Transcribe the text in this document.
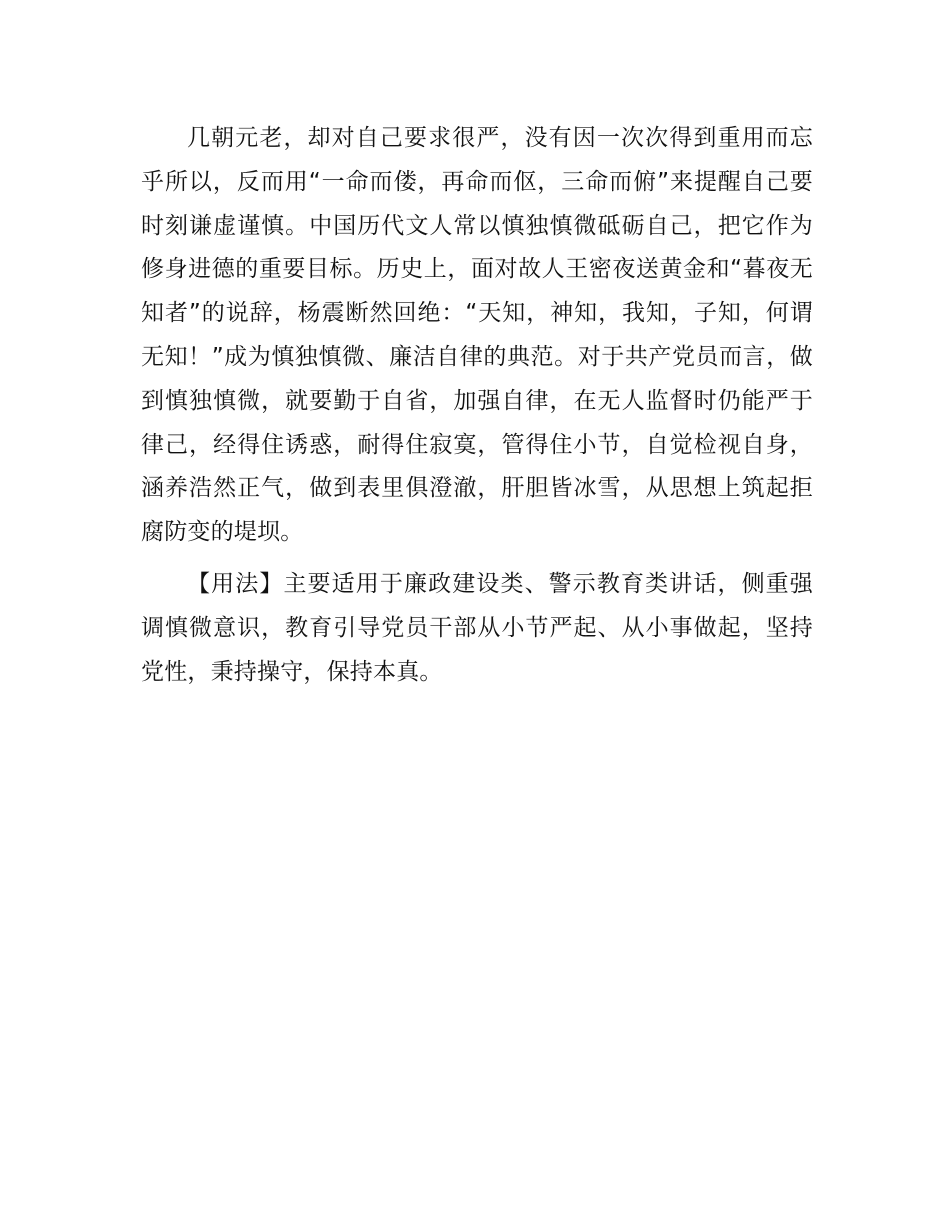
几朝元老，却对自己要求很严，没有因一次次得到重用而忘乎所以，反而用“一命而偻，再命而伛，三命而俯”来提醒自己要时刻谦虚谨慎。中国历代文人常以慎独慎微砥砺自己，把它作为修身进德的重要目标。历史上，面对故人王密夜送黄金和“暮夜无知者”的说辞，杨震断然回绝：“天知，神知，我知，子知，何谓无知！”成为慎独慎微、廉洁自律的典范。对于共产党员而言，做到慎独慎微，就要勤于自省，加强自律，在无人监督时仍能严于律己，经得住诱惑，耐得住寂寞，管得住小节，自觉检视自身，涵养浩然正气，做到表里俱澄澈，肝胆皆冰雪，从思想上筑起拒腐防变的堤坝。

【用法】主要适用于廉政建设类、警示教育类讲话，侧重强调慎微意识，教育引导党员干部从小节严起、从小事做起，坚持党性，秉持操守，保持本真。
